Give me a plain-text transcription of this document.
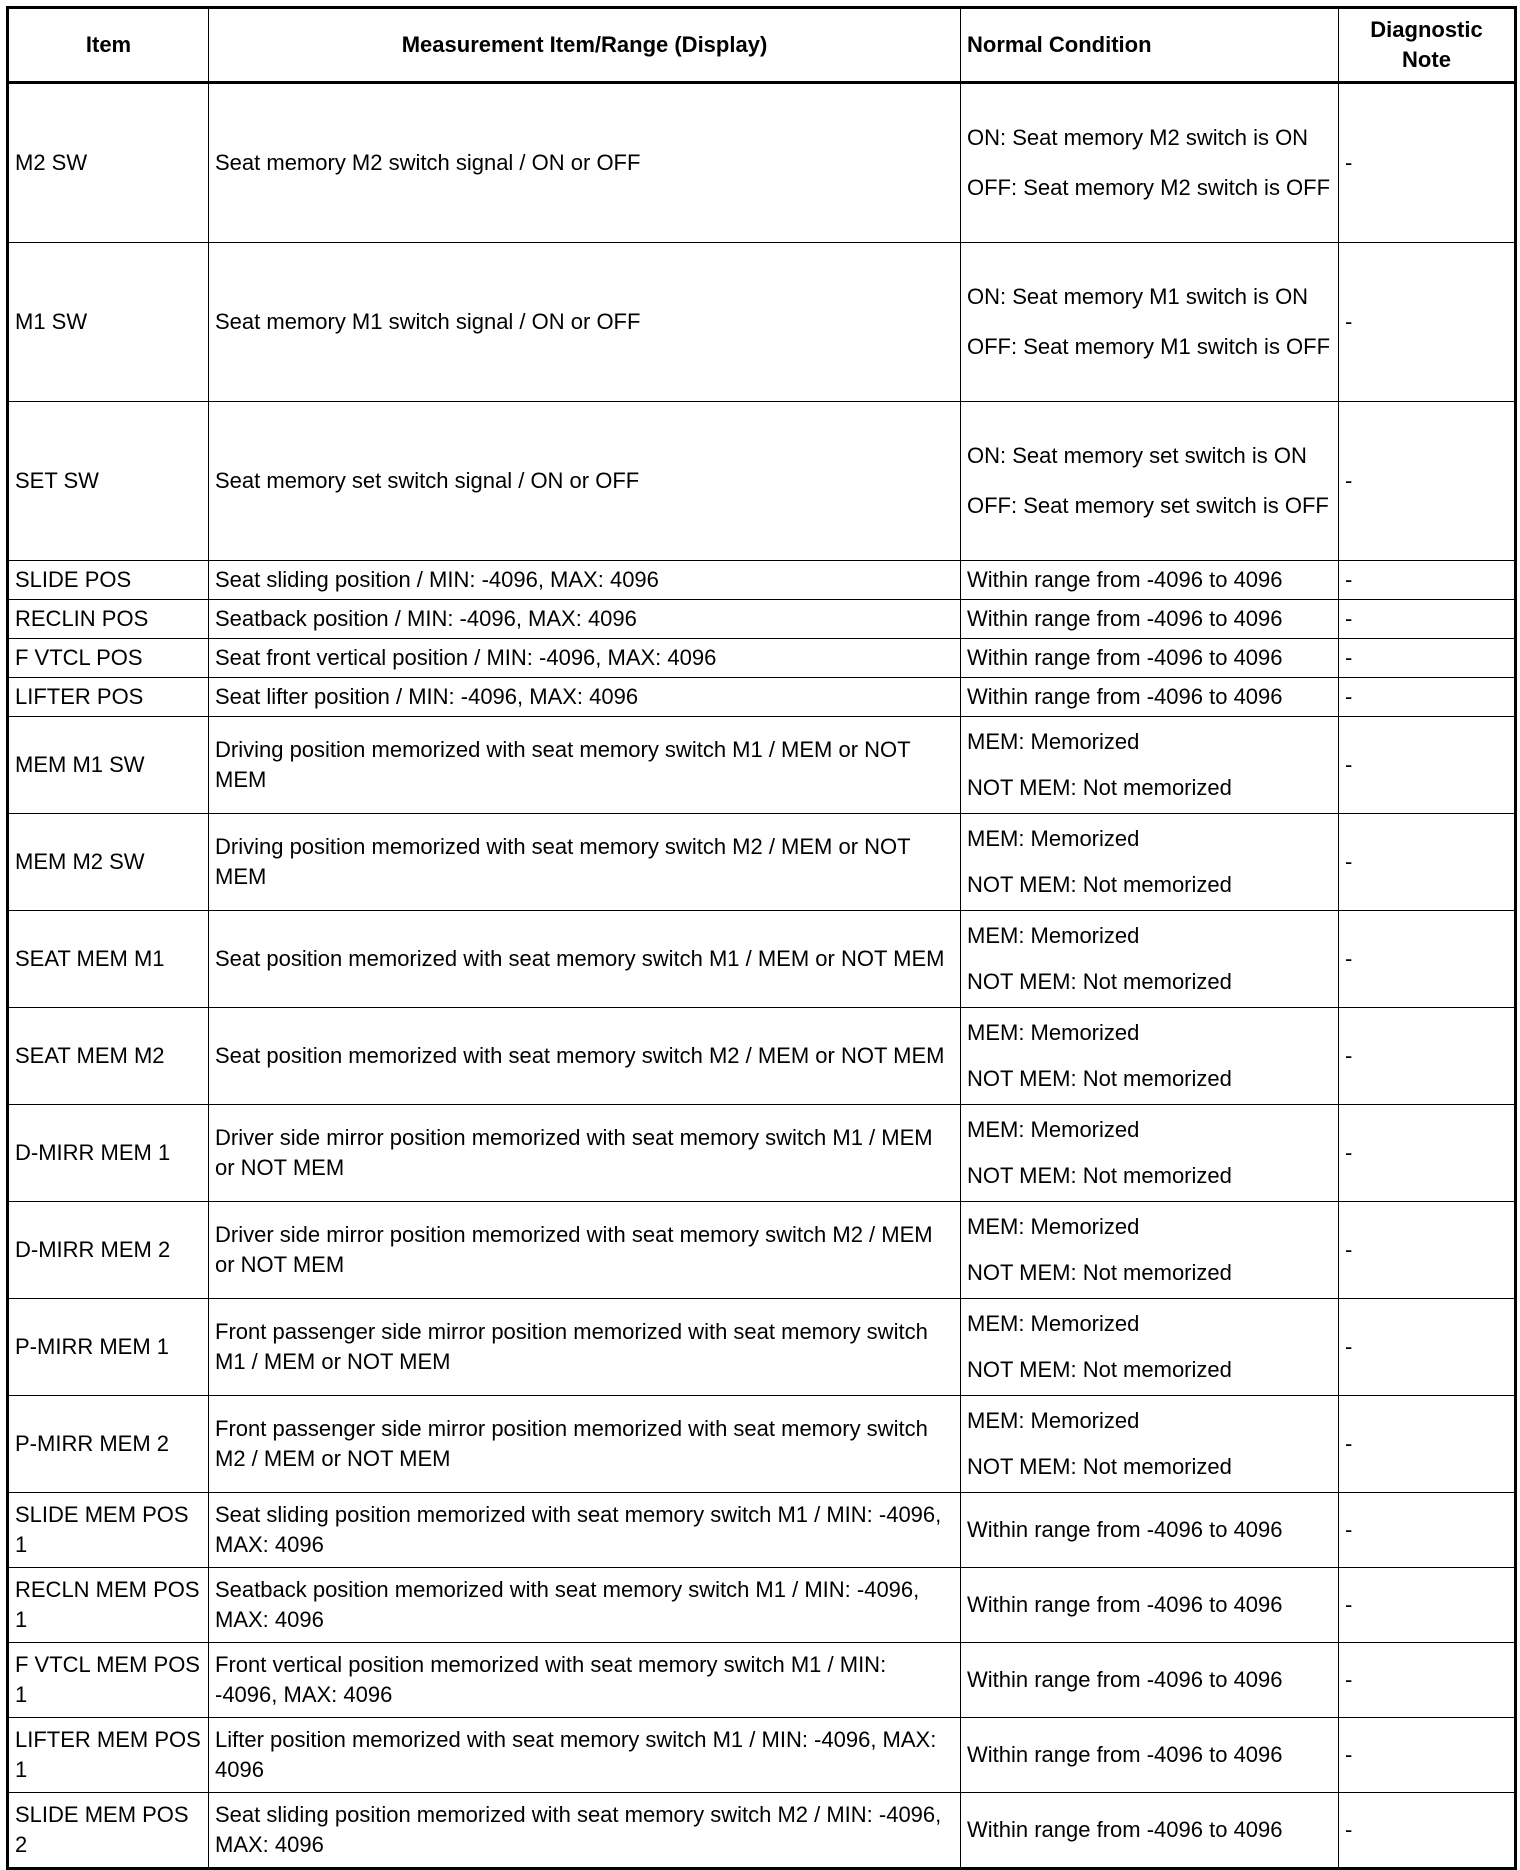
Item	Measurement Item/Range (Display)	Normal Condition	Diagnostic Note
M2 SW	Seat memory M2 switch signal / ON or OFF	ON: Seat memory M2 switch is ON
OFF: Seat memory M2 switch is OFF	-
M1 SW	Seat memory M1 switch signal / ON or OFF	ON: Seat memory M1 switch is ON
OFF: Seat memory M1 switch is OFF	-
SET SW	Seat memory set switch signal / ON or OFF	ON: Seat memory set switch is ON
OFF: Seat memory set switch is OFF	-
SLIDE POS	Seat sliding position / MIN: -4096, MAX: 4096	Within range from -4096 to 4096	-
RECLIN POS	Seatback position / MIN: -4096, MAX: 4096	Within range from -4096 to 4096	-
F VTCL POS	Seat front vertical position / MIN: -4096, MAX: 4096	Within range from -4096 to 4096	-
LIFTER POS	Seat lifter position / MIN: -4096, MAX: 4096	Within range from -4096 to 4096	-
MEM M1 SW	Driving position memorized with seat memory switch M1 / MEM or NOT MEM	MEM: Memorized
NOT MEM: Not memorized	-
MEM M2 SW	Driving position memorized with seat memory switch M2 / MEM or NOT MEM	MEM: Memorized
NOT MEM: Not memorized	-
SEAT MEM M1	Seat position memorized with seat memory switch M1 / MEM or NOT MEM	MEM: Memorized
NOT MEM: Not memorized	-
SEAT MEM M2	Seat position memorized with seat memory switch M2 / MEM or NOT MEM	MEM: Memorized
NOT MEM: Not memorized	-
D-MIRR MEM 1	Driver side mirror position memorized with seat memory switch M1 / MEM or NOT MEM	MEM: Memorized
NOT MEM: Not memorized	-
D-MIRR MEM 2	Driver side mirror position memorized with seat memory switch M2 / MEM or NOT MEM	MEM: Memorized
NOT MEM: Not memorized	-
P-MIRR MEM 1	Front passenger side mirror position memorized with seat memory switch M1 / MEM or NOT MEM	MEM: Memorized
NOT MEM: Not memorized	-
P-MIRR MEM 2	Front passenger side mirror position memorized with seat memory switch M2 / MEM or NOT MEM	MEM: Memorized
NOT MEM: Not memorized	-
SLIDE MEM POS 1	Seat sliding position memorized with seat memory switch M1 / MIN: -4096, MAX: 4096	Within range from -4096 to 4096	-
RECLN MEM POS 1	Seatback position memorized with seat memory switch M1 / MIN: -4096, MAX: 4096	Within range from -4096 to 4096	-
F VTCL MEM POS 1	Front vertical position memorized with seat memory switch M1 / MIN: -4096, MAX: 4096	Within range from -4096 to 4096	-
LIFTER MEM POS 1	Lifter position memorized with seat memory switch M1 / MIN: -4096, MAX: 4096	Within range from -4096 to 4096	-
SLIDE MEM POS 2	Seat sliding position memorized with seat memory switch M2 / MIN: -4096, MAX: 4096	Within range from -4096 to 4096	-
